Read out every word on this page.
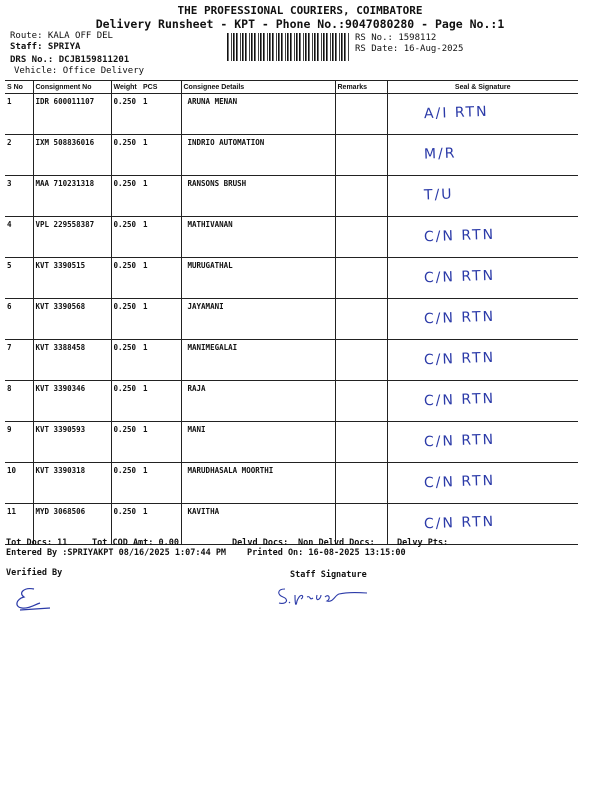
THE PROFESSIONAL COURIERS, COIMBATORE
Delivery Runsheet - KPT - Phone No.:9047080280 - Page No.:1
Route: KALA OFF DEL
Staff: SPRIYA
DRS No.: DCJB159811201
Vehicle: Office Delivery
RS No.: 1598112
RS Date: 16-Aug-2025
S No	Consignment No	Weight	PCS	Consignee Details	Remarks	Seal & Signature
1	IDR 600011107	0.250	1	ARUNA MENAN		A/I RTN
2	IXM 508836016	0.250	1	INDRIO AUTOMATION		M/R
3	MAA 710231318	0.250	1	RANSONS BRUSH		T/U
4	VPL 229558387	0.250	1	MATHIVANAN		C/N RTN
5	KVT 3390515	0.250	1	MURUGATHAL		C/N RTN
6	KVT 3390568	0.250	1	JAYAMANI		C/N RTN
7	KVT 3388458	0.250	1	MANIMEGALAI		C/N RTN
8	KVT 3390346	0.250	1	RAJA		C/N RTN
9	KVT 3390593	0.250	1	MANI		C/N RTN
10	KVT 3390318	0.250	1	MARUDHASALA MOORTHI		C/N RTN
11	MYD 3068506	0.250	1	KAVITHA		C/N RTN
Tot Docs: 11	Tot COD Amt: 0.00	Delvd Docs: Non Delvd Docs:	Delvy Pts:
Entered By :SPRIYAKPT 08/16/2025 1:07:44 PM Printed On: 16-08-2025 13:15:00
Verified By	Staff Signature
